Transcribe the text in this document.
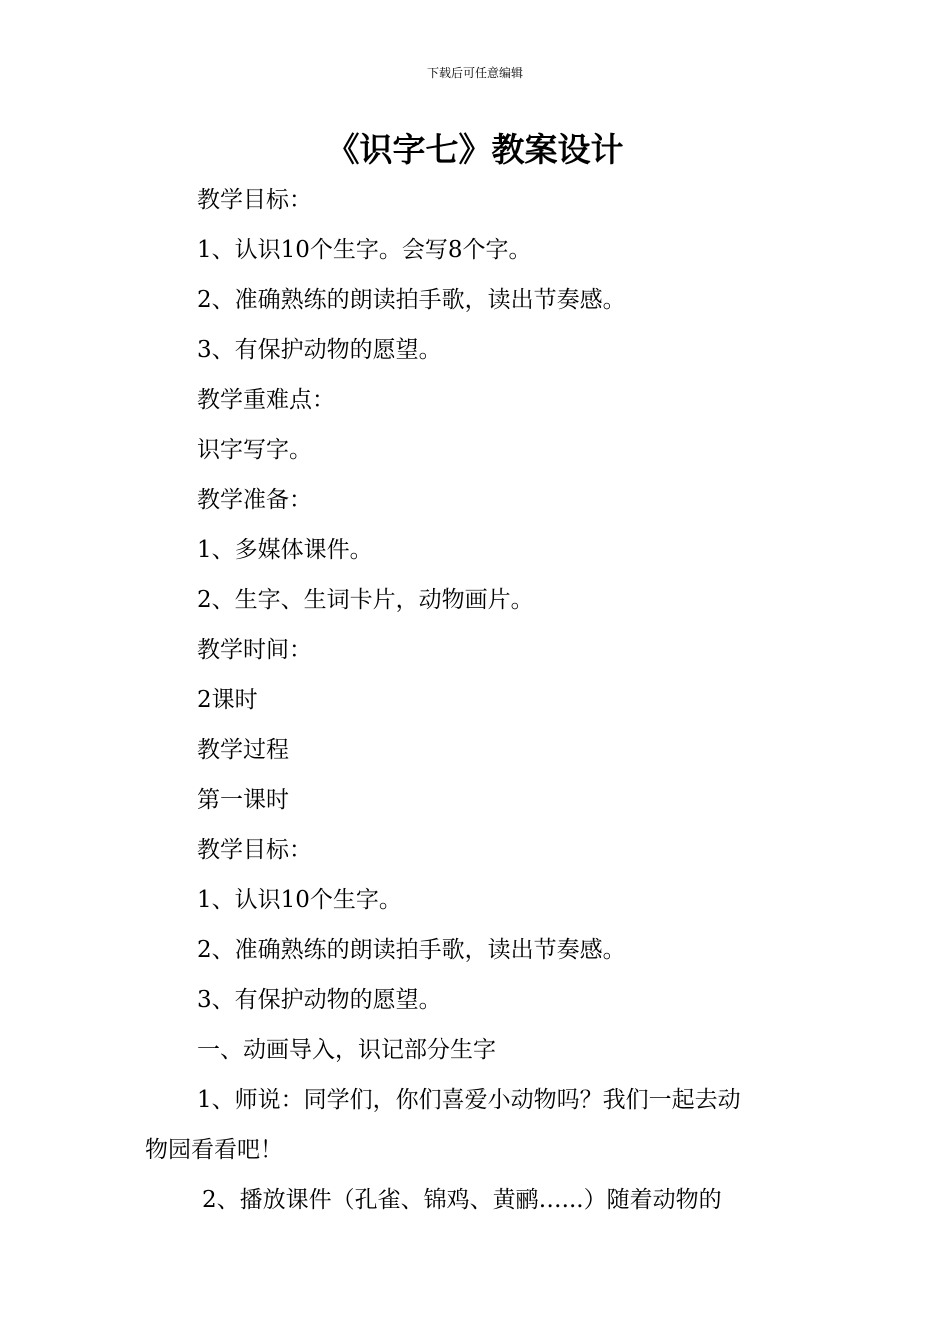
下载后可任意编辑
《识字七》教案设计
教学目标：
1、认识10个生字。会写8个字。
2、准确熟练的朗读拍手歌，读出节奏感。
3、有保护动物的愿望。
教学重难点：
识字写字。
教学准备：
1、多媒体课件。
2、生字、生词卡片，动物画片。
教学时间：
2课时
教学过程
第一课时
教学目标：
1、认识10个生字。
2、准确熟练的朗读拍手歌，读出节奏感。
3、有保护动物的愿望。
一、动画导入，识记部分生字
1、师说：同学们，你们喜爱小动物吗？我们一起去动
物园看看吧！
2、播放课件（孔雀、锦鸡、黄鹂…...）随着动物的
